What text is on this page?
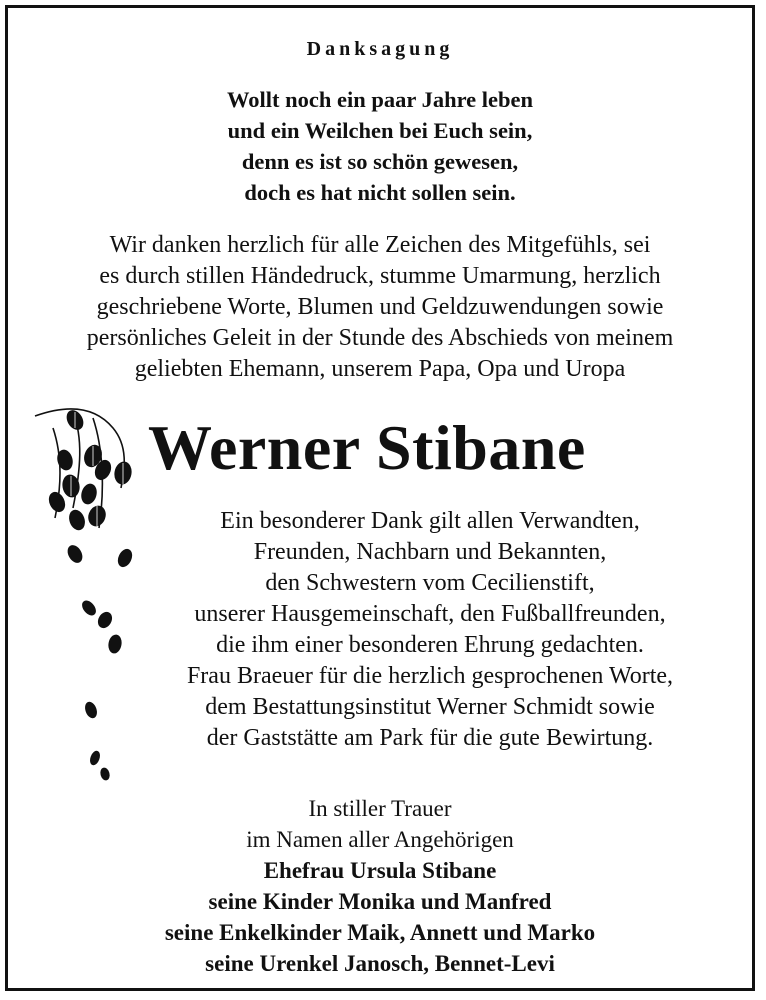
Danksagung
Wollt noch ein paar Jahre leben
und ein Weilchen bei Euch sein,
denn es ist so schön gewesen,
doch es hat nicht sollen sein.
Wir danken herzlich für alle Zeichen des Mitgefühls, sei
es durch stillen Händedruck, stumme Umarmung, herzlich
geschriebene Worte, Blumen und Geldzuwendungen sowie
persönliches Geleit in der Stunde des Abschieds von meinem
geliebten Ehemann, unserem Papa, Opa und Uropa
Werner Stibane
Ein besonderer Dank gilt allen Verwandten,
Freunden, Nachbarn und Bekannten,
den Schwestern vom Cecilienstift,
unserer Hausgemeinschaft, den Fußballfreunden,
die ihm einer besonderen Ehrung gedachten.
Frau Braeuer für die herzlich gesprochenen Worte,
dem Bestattungsinstitut Werner Schmidt sowie
der Gaststätte am Park für die gute Bewirtung.
In stiller Trauer
im Namen aller Angehörigen
Ehefrau Ursula Stibane
seine Kinder Monika und Manfred
seine Enkelkinder Maik, Annett und Marko
seine Urenkel Janosch, Bennet-Levi
